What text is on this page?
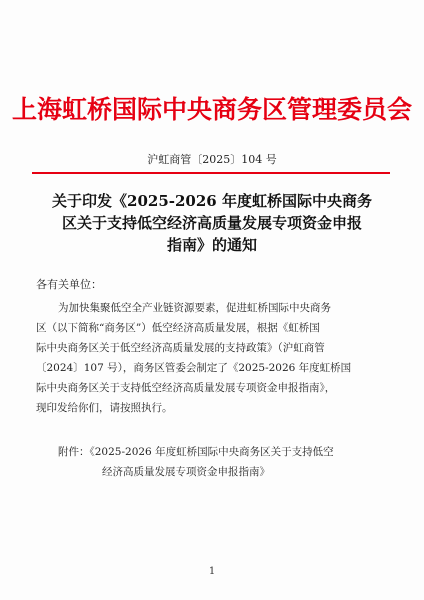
上海虹桥国际中央商务区管理委员会
沪虹商管〔2025〕104 号
关于印发《2025-2026 年度虹桥国际中央商务
区关于支持低空经济高质量发展专项资金申报
指南》的通知
各有关单位：
为加快集聚低空全产业链资源要素，促进虹桥国际中央商务
区（以下简称“商务区”）低空经济高质量发展，根据《虹桥国
际中央商务区关于低空经济高质量发展的支持政策》（沪虹商管
〔2024〕107 号），商务区管委会制定了《2025-2026 年度虹桥国
际中央商务区关于支持低空经济高质量发展专项资金申报指南》，
现印发给你们，请按照执行。
附件：《2025-2026 年度虹桥国际中央商务区关于支持低空
经济高质量发展专项资金申报指南》
1
